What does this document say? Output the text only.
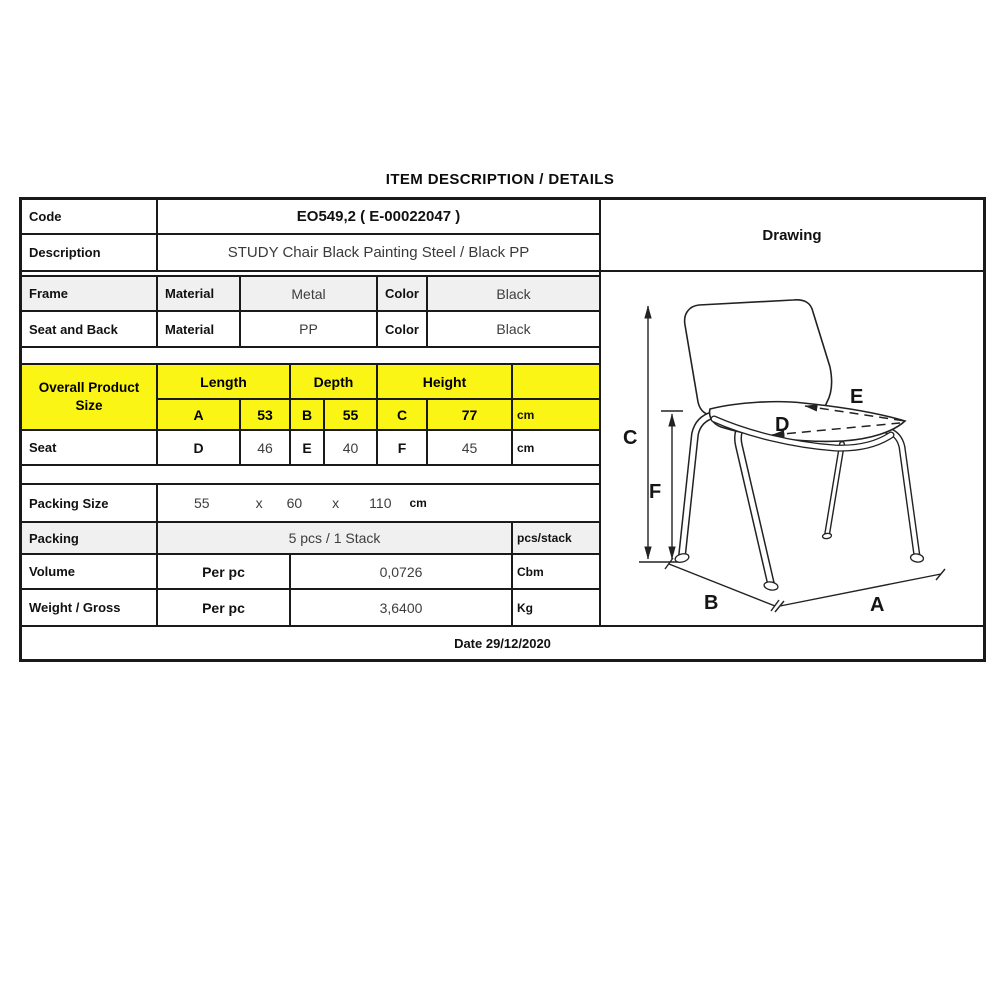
ITEM DESCRIPTION / DETAILS
Code	EO549,2 ( E-00022047 )
Description	STUDY Chair Black Painting Steel / Black PP
Frame	Material	Metal	Color	Black
Seat and Back	Material	PP	Color	Black
Overall Product Size
Length	Depth	Height
A	53	B	55	C	77	cm
Seat	D	46	E	40	F	45	cm
Packing Size	55	x 60 x 110 cm
Packing	5 pcs / 1 Stack	pcs/stack
Volume	Per pc	0,0726	Cbm
Weight / Gross	Per pc	3,6400	Kg
Date 29/12/2020
Drawing
C
F
E
D
B	A
